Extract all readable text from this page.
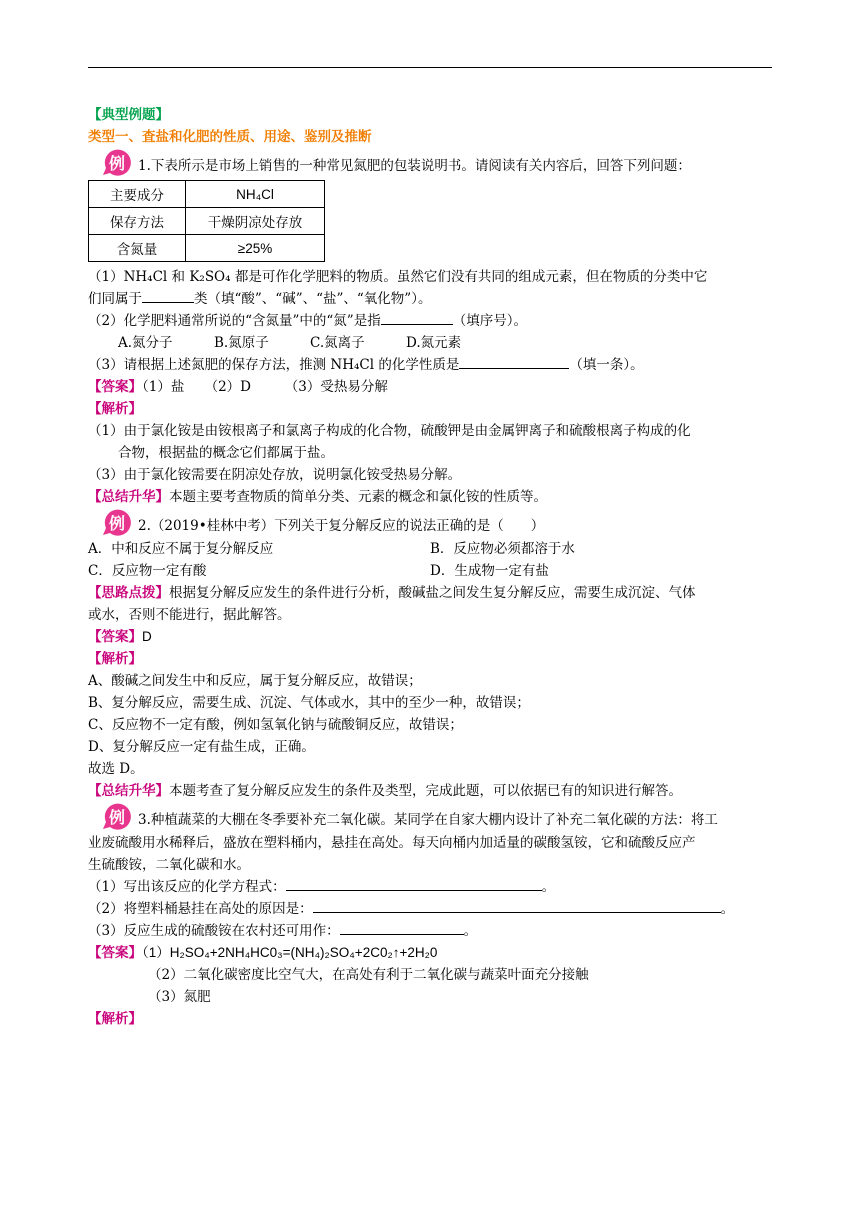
【典型例题】
类型一、査盐和化肥的性质、用途、鉴别及推断
例 1.下表所示是市场上销售的一种常见氮肥的包装说明书。请阅读有关内容后，回答下列问题：
主要成分	NH₄Cl
保存方法	干燥阴凉处存放
含氮量	≥25%
（1）NH₄Cl 和 K₂SO₄ 都是可作化学肥料的物质。虽然它们没有共同的组成元素，但在物质的分类中它
们同属于	类（填“酸”、“碱”、“盐”、“氧化物”）。
（2）化学肥料通常所说的“含氮量”中的“氮”是指	（填序号）。
A.氮分子	B.氮原子	C.氮离子	D.氮元素
（3）请根据上述氮肥的保存方法，推测 NH₄Cl 的化学性质是	（填一条）。
【答案】（1）盐　　（2）D　　　（3）受热易分解
【解析】
（1）由于氯化铵是由铵根离子和氯离子构成的化合物，硫酸钾是由金属钾离子和硫酸根离子构成的化
合物，根据盐的概念它们都属于盐。
（3）由于氯化铵需要在阴凉处存放，说明氯化铵受热易分解。
【总结升华】本题主要考查物质的简单分类、元素的概念和氯化铵的性质等。
例 2.（2019•桂林中考）下列关于复分解反应的说法正确的是（　　）
A．中和反应不属于复分解反应	B．反应物必须都溶于水
C．反应物一定有酸	D．生成物一定有盐
【思路点拨】根据复分解反应发生的条件进行分析，酸碱盐之间发生复分解反应，需要生成沉淀、气体
或水，否则不能进行，据此解答。
【答案】D
【解析】
A、酸碱之间发生中和反应，属于复分解反应，故错误；
B、复分解反应，需要生成、沉淀、气体或水，其中的至少一种，故错误；
C、反应物不一定有酸，例如氢氧化钠与硫酸铜反应，故错误；
D、复分解反应一定有盐生成，正确。
故选 D。
【总结升华】本题考查了复分解反应发生的条件及类型，完成此题，可以依据已有的知识进行解答。
例 3.种植蔬菜的大棚在冬季要补充二氧化碳。某同学在自家大棚内设计了补充二氧化碳的方法：将工
业废硫酸用水稀释后，盛放在塑料桶内，悬挂在高处。每天向桶内加适量的碳酸氢铵，它和硫酸反应产
生硫酸铵，二氧化碳和水。
（1）写出该反应的化学方程式：	。
（2）将塑料桶悬挂在高处的原因是：	。
（3）反应生成的硫酸铵在农村还可用作：	。
【答案】（1）H₂SO₄+2NH₄HC0₃=(NH₄)₂SO₄+2C0₂↑+2H₂0
（2）二氧化碳密度比空气大，在高处有利于二氧化碳与蔬菜叶面充分接触
（3）氮肥
【解析】
